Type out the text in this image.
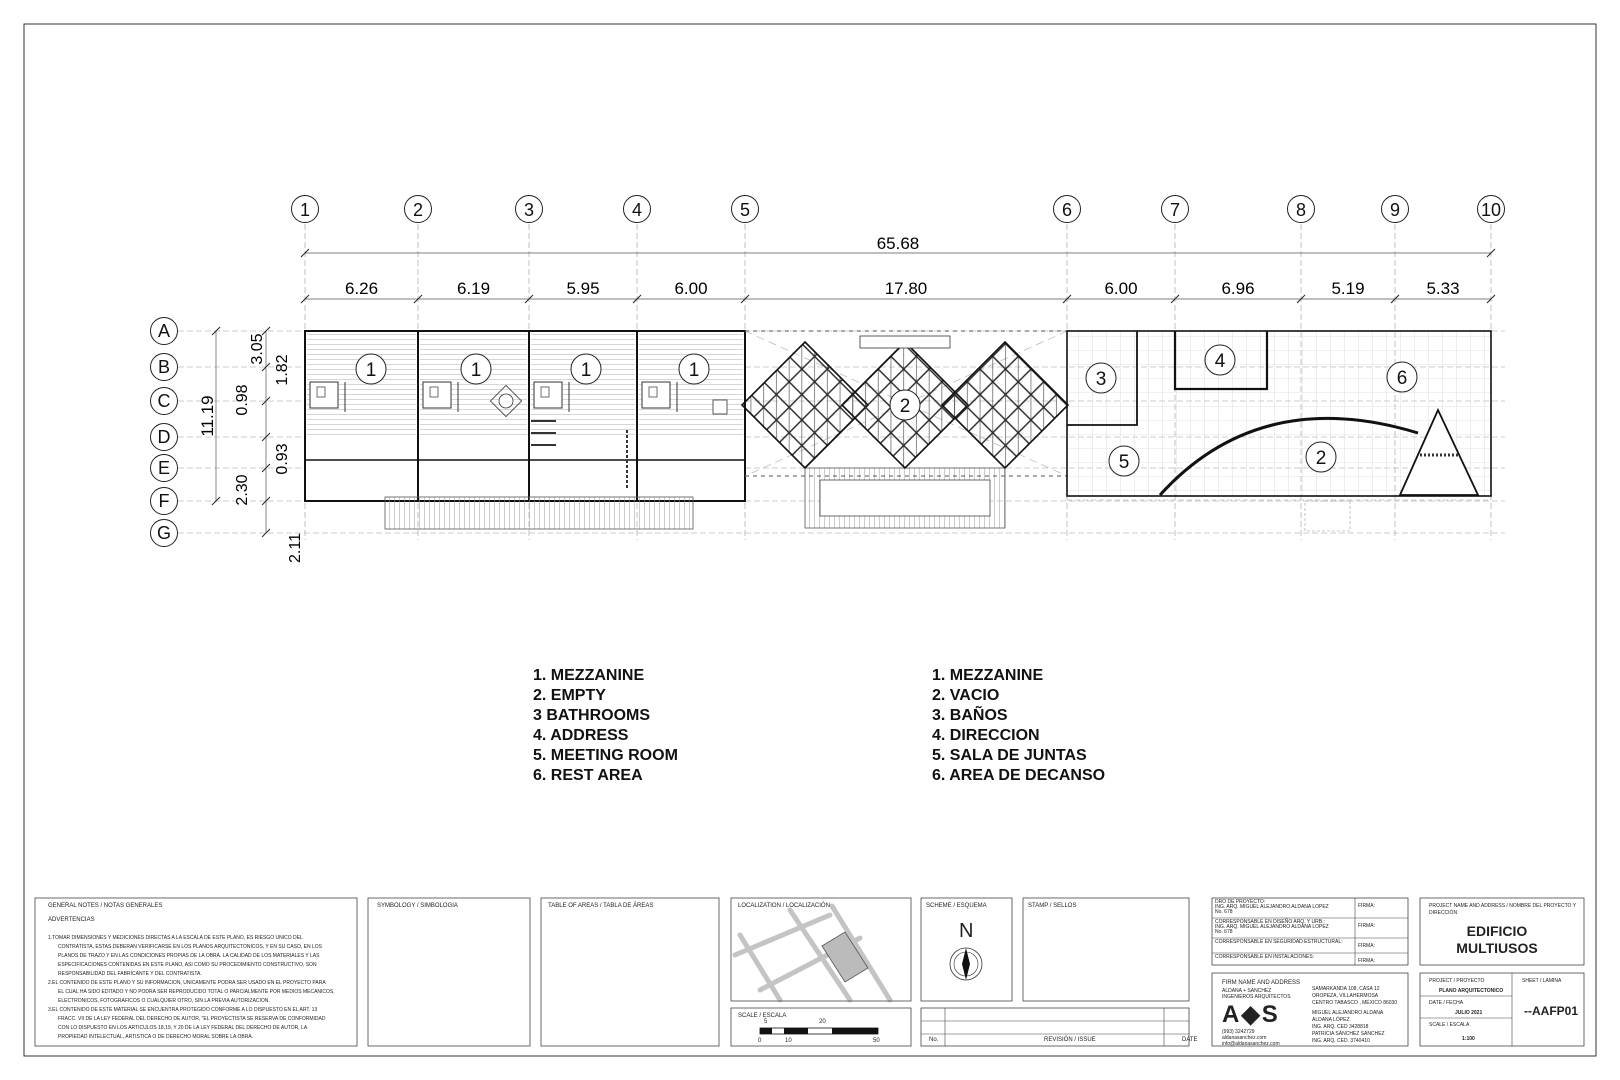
1	2	3	4	5	6	7	8	9	10
A
B
C
D
E
F
G
1	1	1	1
2
3
4
6
5	2
65.68
6.26	6.19	5.95	6.00	17.80	6.00	6.96	5.19	5.33
11.19
3.05
1.82
0.98
0.93
2.30
2.11
1. MEZZANINE
2. EMPTY
3 BATHROOMS
4. ADDRESS
5. MEETING ROOM
6. REST AREA
1. MEZZANINE
2. VACIO
3. BAÑOS
4. DIRECCION
5. SALA DE JUNTAS
6. AREA DE DECANSO
GENERAL NOTES / NOTAS GENERALES
ADVERTENCIAS
1.TOMAR DIMENSIONES Y MEDICIONES DIRECTAS A LA ESCALA DE ESTE PLANO, ES RIESGO UNICO DEL
CONTRATISTA, ESTAS DEBERAN VERIFICARSE EN LOS PLANOS ARQUITECTONICOS, Y EN SU CASO, EN LOS
PLANOS DE TRAZO Y EN LAS CONDICIONES PROPIAS DE LA OBRA. LA CALIDAD DE LOS MATERIALES Y LAS
ESPECIFICACIONES CONTENIDAS EN ESTE PLANO, ASI COMO SU PROCEDIMIENTO CONSTRUCTIVO, SON
RESPONSABILIDAD DEL FABRICANTE Y DEL CONTRATISTA.
2.EL CONTENIDO DE ESTE PLANO Y SU INFORMACION, UNICAMENTE PODRA SER USADO EN EL PROYECTO PARA
EL CUAL HA SIDO EDITADO Y NO PODRA SER REPRODUCIDO TOTAL O PARCIALMENTE POR MEDIOS MECANICOS,
ELECTRONICOS, FOTOGRAFICOS O CUALQUIER OTRO, SIN LA PREVIA AUTORIZACION.
3.EL CONTENIDO DE ESTE MATERIAL SE ENCUENTRA PROTEGIDO CONFORME A LO DISPUESTO EN EL ART. 13
FRACC. VII DE LA LEY FEDERAL DEL DERECHO DE AUTOR, "EL PROYECTISTA SE RESERVA DE CONFORMIDAD
CON LO DISPUESTO EN LOS ARTICULOS 18,19, Y 20 DE LA LEY FEDERAL DEL DERECHO DE AUTOR, LA
PROPIEDAD INTELECTUAL, ARTISTICA O DE DERECHO MORAL SOBRE LA OBRA.
SYMBOLOGY / SIMBOLOGIA	TABLE OF AREAS / TABLA DE ÁREAS	LOCALIZATION / LOCALIZACIÓN
SCALE / ESCALA
5	20
0	10	50
SCHEME / ESQUEMA
N
STAMP / SELLOS
No.	REVISIÓN / ISSUE	DATE
DRO DE PROYECTO:
ING. ARQ. MIGUEL ALEJANDRO ALDANA LOPEZ
No. 678
FIRMA:
CORRESPONSABLE EN DISEÑO ARQ. Y URB.:
ING. ARQ. MIGUEL ALEJANDRO ALDANA LOPEZ
No. 678
FIRMA:
CORRESPONSABLE EN SEGURIDAD ESTRUCTURAL:
FIRMA:
CORRESPONSABLE EN INSTALACIONES:
FIRMA:
FIRM NAME AND ADDRESS
ALDANA + SANCHEZ
INGENIEROS ARQUITECTOS
A◆S
(993) 3242729
aldanasanchez.com
info@aldanasanchez.com
SAMARKANDA 108, CASA 12
OROPEZA, VILLAHERMOSA
CENTRO TABASCO , MÉXICO 86030
MIGUEL ALEJANDRO ALDANA
ALDANA LÓPEZ
ING. ARQ. CED 3428818
PATRICIA SÁNCHEZ SÁNCHEZ
ING. ARQ. CED. 3740410
PROJECT NAME AND ADDRESS / NOMBRE DEL PROYECTO Y DIRECCIÓN
EDIFICIO
MULTIUSOS
PROJECT / PROYECTO
PLANO ARQUITECTONICO
SHEET / LAMINA
--AAFP01
DATE / FECHA
JULIO 2021
SCALE / ESCALA
1:100
